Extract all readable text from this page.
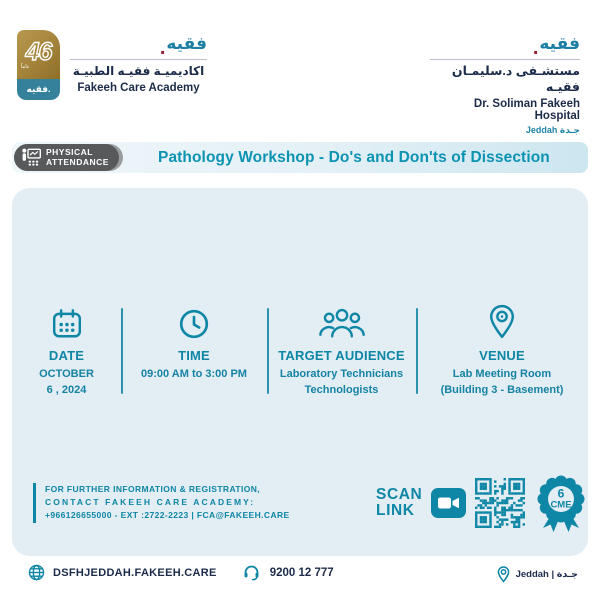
46
عاماً
فقيه.
. فقيه
اكاديميـة فقيـه الطبيـة
Fakeeh Care Academy
. فقيه
مستشـفى د.سليمـان فقيـه
Dr. Soliman Fakeeh Hospital
Jeddah جـدة
PHYSICAL
ATTENDANCE	Pathology Workshop - Do's and Don'ts of Dissection
DATE
OCTOBER
6 , 2024
TIME
09:00 AM to 3:00 PM
TARGET AUDIENCE
Laboratory Technicians
Technologists
VENUE
Lab Meeting Room
(Building 3 - Basement)
FOR FURTHER INFORMATION & REGISTRATION,
CONTACT FAKEEH CARE ACADEMY:
+966126655000 - EXT :2722-2223 | FCA@FAKEEH.CARE
SCAN
LINK
6
CME
DSFHJEDDAH.FAKEEH.CARE	9200 12 777	Jeddah | جـدة
